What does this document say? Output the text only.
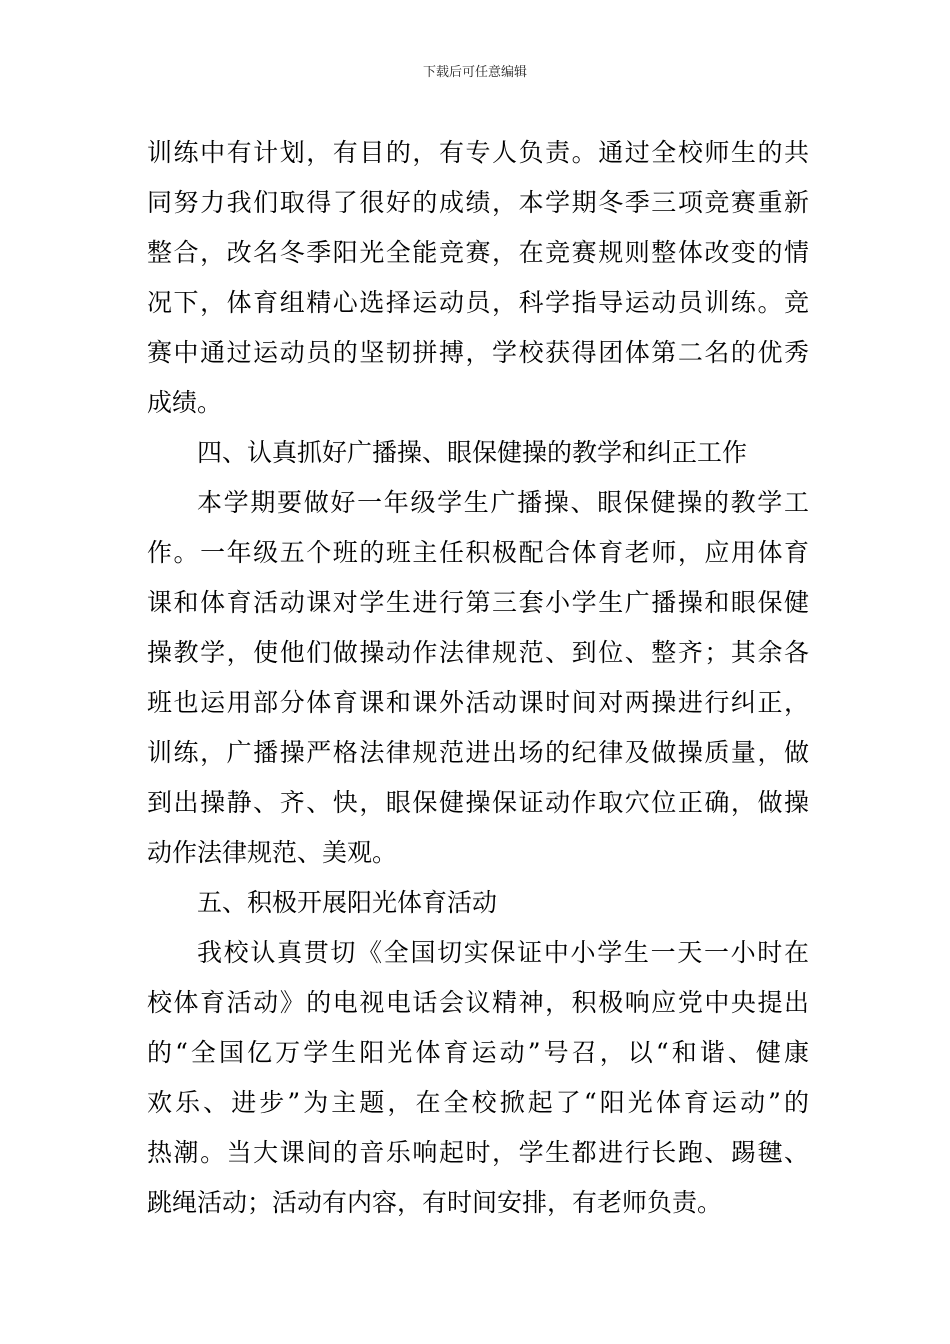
下载后可任意编辑
训练中有计划，有目的，有专人负责。通过全校师生的共
同努力我们取得了很好的成绩，本学期冬季三项竞赛重新
整合，改名冬季阳光全能竞赛，在竞赛规则整体改变的情
况下，体育组精心选择运动员，科学指导运动员训练。竞
赛中通过运动员的坚韧拼搏，学校获得团体第二名的优秀
成绩。
四、认真抓好广播操、眼保健操的教学和纠正工作
本学期要做好一年级学生广播操、眼保健操的教学工
作。一年级五个班的班主任积极配合体育老师，应用体育
课和体育活动课对学生进行第三套小学生广播操和眼保健
操教学，使他们做操动作法律规范、到位、整齐；其余各
班也运用部分体育课和课外活动课时间对两操进行纠正，
训练，广播操严格法律规范进出场的纪律及做操质量，做
到出操静、齐、快，眼保健操保证动作取穴位正确，做操
动作法律规范、美观。
五、积极开展阳光体育活动
我校认真贯切《全国切实保证中小学生一天一小时在
校体育活动》的电视电话会议精神，积极响应党中央提出
的“全国亿万学生阳光体育运动”号召，以“和谐、健康
欢乐、进步”为主题，在全校掀起了“阳光体育运动”的
热潮。当大课间的音乐响起时，学生都进行长跑、踢毽、
跳绳活动；活动有内容，有时间安排，有老师负责。
